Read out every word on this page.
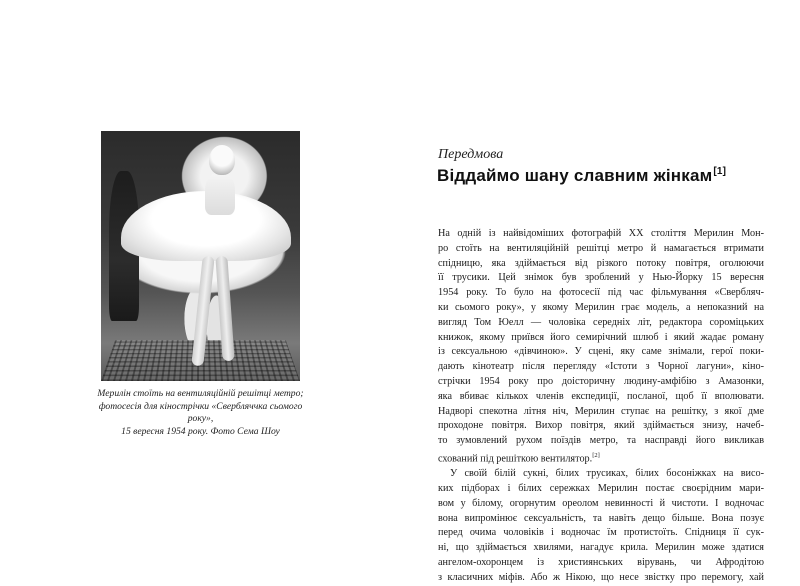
Мерилін стоїть на вентиляційній решітці метро;
фотосесія для кінострічки «Свербляччка сьомого року»,
15 вересня 1954 року. Фото Сема Шоу
Передмова
Віддаймо шану славним жінкам[1]
На одній із найвідоміших фотографій XX століття Мерилин Мон-
ро стоїть на вентиляційній решітці метро й намагається втримати
спідницю, яка здіймається від різкого потоку повітря, оголюючи
її трусики. Цей знімок був зроблений у Нью-Йорку 15 вересня
1954 року. То було на фотосесії під час фільмування «Свербляч-
ки сьомого року», у якому Мерилин грає модель, а непоказний на
вигляд Том Юелл — чоловіка середніх літ, редактора сороміцьких
книжок, якому приївся його семирічний шлюб і який жадає роману
із сексуальною «дівчиною». У сцені, яку саме знімали, герої поки-
дають кінотеатр після перегляду «Істоти з Чорної лагуни», кіно-
стрічки 1954 року про доісторичну людину-амфібію з Амазонки,
яка вбиває кількох членів експедиції, посланої, щоб її вполювати.
Надворі спекотна літня ніч, Мерилин ступає на решітку, з якої дме
проходоне повітря. Вихор повітря, який здіймається знизу, начеб-
то зумовлений рухом поїздів метро, та насправді його викликав
схований під решіткою вентилятор.[2]
У своїй білій сукні, білих трусиках, білих босоніжках на висо-
ких підборах і білих сережках Мерилин постає своєрідним мари-
вом у білому, огорнутим ореолом невинності й чистоти. І водночас
вона випромінює сексуальність, та навіть дещо більше. Вона позує
перед очима чоловіків і водночас їм протистоїть. Спідниця її сук-
ні, що здіймається хвилями, нагадує крила. Мерилин може здатися
ангелом-охоронцем із християнських вірувань, чи Афродітою
з класичних міфів. Або ж Нікою, що несе звістку про перемогу, хай
